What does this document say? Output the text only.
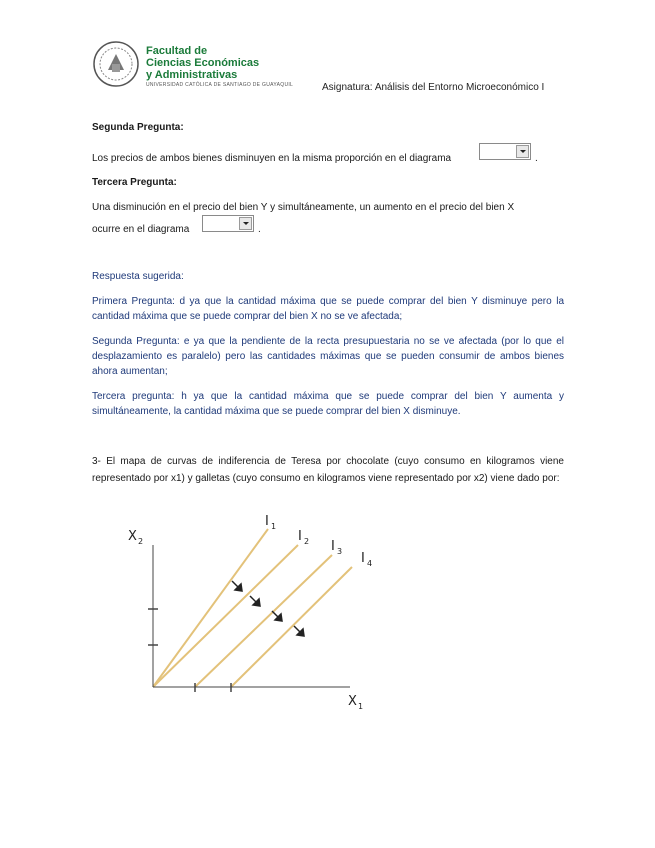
Facultad de
Ciencias Económicas
y Administrativas
UNIVERSIDAD CATÓLICA DE SANTIAGO DE GUAYAQUIL	Asignatura: Análisis del Entorno Microeconómico I
Segunda Pregunta:
Los precios de ambos bienes disminuyen en la misma proporción en el diagrama	.
Tercera Pregunta:
Una disminución en el precio del bien Y y simultáneamente, un aumento en el precio del bien X
ocurre en el diagrama	.
Respuesta sugerida:
Primera Pregunta: d ya que la cantidad máxima que se puede comprar del bien Y disminuye pero la cantidad máxima que se puede comprar del bien X no se ve afectada;
Segunda Pregunta: e ya que la pendiente de la recta presupuestaria no se ve afectada (por lo que el desplazamiento es paralelo) pero las cantidades máximas que se pueden consumir de ambos bienes ahora aumentan;
Tercera pregunta: h ya que la cantidad máxima que se puede comprar del bien Y aumenta y simultáneamente, la cantidad máxima que se puede comprar del bien X disminuye.
3- El mapa de curvas de indiferencia de Teresa por chocolate (cuyo consumo en kilogramos viene representado por x1) y galletas (cuyo consumo en kilogramos viene representado por x2) viene dado por:
X 2
X 1
I 1
I 2 I 3 I 4
